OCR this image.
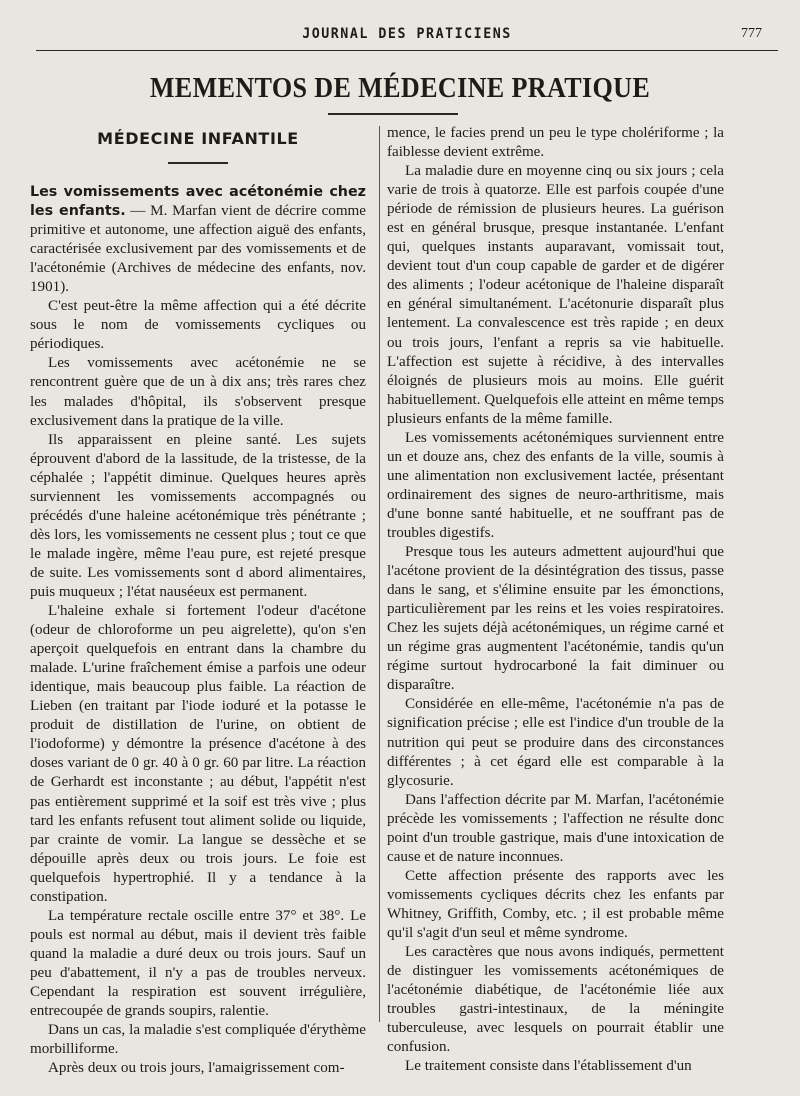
JOURNAL DES PRATICIENS	777
MEMENTOS DE MÉDECINE PRATIQUE
MÉDECINE INFANTILE

Les vomissements avec acétonémie chez les enfants. — M. Marfan vient de décrire comme primitive et autonome, une affection aiguë des enfants, caractérisée exclusivement par des vomissements et de l'acétonémie (Archives de médecine des enfants, nov. 1901).

C'est peut-être la même affection qui a été décrite sous le nom de vomissements cycliques ou périodiques.

Les vomissements avec acétonémie ne se rencontrent guère que de un à dix ans; très rares chez les malades d'hôpital, ils s'observent presque exclusivement dans la pratique de la ville.

Ils apparaissent en pleine santé. Les sujets éprouvent d'abord de la lassitude, de la tristesse, de la céphalée ; l'appétit diminue. Quelques heures après surviennent les vomissements accompagnés ou précédés d'une haleine acétonémique très pénétrante ; dès lors, les vomissements ne cessent plus ; tout ce que le malade ingère, même l'eau pure, est rejeté presque de suite. Les vomissements sont d abord alimentaires, puis muqueux ; l'état nauséeux est permanent.

L'haleine exhale si fortement l'odeur d'acétone (odeur de chloroforme un peu aigrelette), qu'on s'en aperçoit quelquefois en entrant dans la chambre du malade. L'urine fraîchement émise a parfois une odeur identique, mais beaucoup plus faible. La réaction de Lieben (en traitant par l'iode ioduré et la potasse le produit de distillation de l'urine, on obtient de l'iodoforme) y démontre la présence d'acétone à des doses variant de 0 gr. 40 à 0 gr. 60 par litre. La réaction de Gerhardt est inconstante ; au début, l'appétit n'est pas entièrement supprimé et la soif est très vive ; plus tard les enfants refusent tout aliment solide ou liquide, par crainte de vomir. La langue se dessèche et se dépouille après deux ou trois jours. Le foie est quelquefois hypertrophié. Il y a tendance à la constipation.

La température rectale oscille entre 37° et 38°. Le pouls est normal au début, mais il devient très faible quand la maladie a duré deux ou trois jours. Sauf un peu d'abattement, il n'y a pas de troubles nerveux. Cependant la respiration est souvent irrégulière, entrecoupée de grands soupirs, ralentie.

Dans un cas, la maladie s'est compliquée d'érythème morbilliforme.

Après deux ou trois jours, l'amaigrissement com-

mence, le facies prend un peu le type cholériforme ; la faiblesse devient extrême.

La maladie dure en moyenne cinq ou six jours ; cela varie de trois à quatorze. Elle est parfois coupée d'une période de rémission de plusieurs heures. La guérison est en général brusque, presque instantanée. L'enfant qui, quelques instants auparavant, vomissait tout, devient tout d'un coup capable de garder et de digérer des aliments ; l'odeur acétonique de l'haleine disparaît en général simultanément. L'acétonurie disparaît plus lentement. La convalescence est très rapide ; en deux ou trois jours, l'enfant a repris sa vie habituelle. L'affection est sujette à récidive, à des intervalles éloignés de plusieurs mois au moins. Elle guérit habituellement. Quelquefois elle atteint en même temps plusieurs enfants de la même famille.

Les vomissements acétonémiques surviennent entre un et douze ans, chez des enfants de la ville, soumis à une alimentation non exclusivement lactée, présentant ordinairement des signes de neuro-arthritisme, mais d'une bonne santé habituelle, et ne souffrant pas de troubles digestifs.

Presque tous les auteurs admettent aujourd'hui que l'acétone provient de la désintégration des tissus, passe dans le sang, et s'élimine ensuite par les émonctions, particulièrement par les reins et les voies respiratoires. Chez les sujets déjà acétonémiques, un régime carné et un régime gras augmentent l'acétonémie, tandis qu'un régime surtout hydrocarboné la fait diminuer ou disparaître.

Considérée en elle-même, l'acétonémie n'a pas de signification précise ; elle est l'indice d'un trouble de la nutrition qui peut se produire dans des circonstances différentes ; à cet égard elle est comparable à la glycosurie.

Dans l'affection décrite par M. Marfan, l'acétonémie précède les vomissements ; l'affection ne résulte donc point d'un trouble gastrique, mais d'une intoxication de cause et de nature inconnues.

Cette affection présente des rapports avec les vomissements cycliques décrits chez les enfants par Whitney, Griffith, Comby, etc. ; il est probable même qu'il s'agit d'un seul et même syndrome.

Les caractères que nous avons indiqués, permettent de distinguer les vomissements acétonémiques de l'acétonémie diabétique, de l'acétonémie liée aux troubles gastri-intestinaux, de la méningite tuberculeuse, avec lesquels on pourrait établir une confusion.

Le traitement consiste dans l'établissement d'un
